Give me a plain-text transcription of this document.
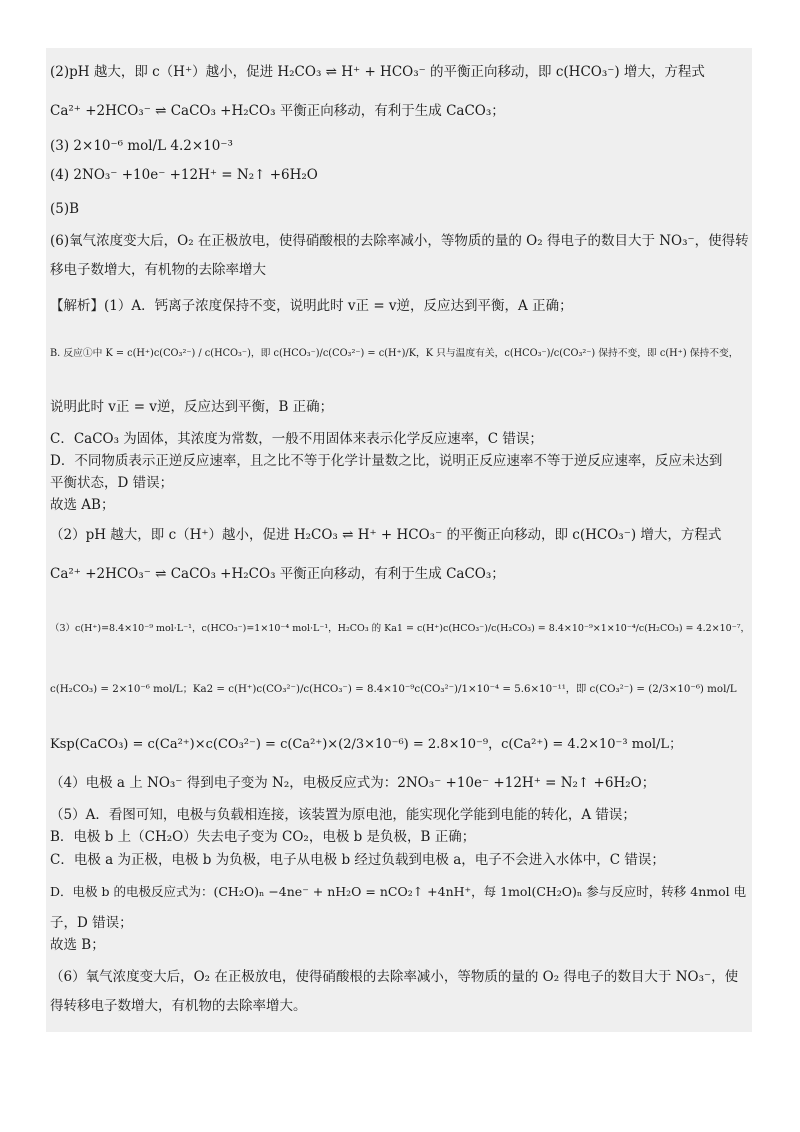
(2)pH 越大，即 c（H⁺）越小，促进 H₂CO₃ ⇌ H⁺ + HCO₃⁻ 的平衡正向移动，即 c(HCO₃⁻) 增大，方程式
Ca²⁺ +2HCO₃⁻ ⇌ CaCO₃ +H₂CO₃ 平衡正向移动，有利于生成 CaCO₃；
(3) 2×10⁻⁶ mol/L 4.2×10⁻³
(4) 2NO₃⁻ +10e⁻ +12H⁺ = N₂↑ +6H₂O
(5)B
(6)氧气浓度变大后，O₂ 在正极放电，使得硝酸根的去除率减小，等物质的量的 O₂ 得电子的数目大于 NO₃⁻，使得转
移电子数增大，有机物的去除率增大
【解析】(1）A．钙离子浓度保持不变，说明此时 v正 = v逆，反应达到平衡，A 正确；
B. 反应①中 K = c(H⁺)c(CO₃²⁻) / c(HCO₃⁻)，即 c(HCO₃⁻)/c(CO₃²⁻) = c(H⁺)/K，K 只与温度有关，c(HCO₃⁻)/c(CO₃²⁻) 保持不变，即 c(H⁺) 保持不变，
说明此时 v正 = v逆，反应达到平衡，B 正确；
C．CaCO₃ 为固体，其浓度为常数，一般不用固体来表示化学反应速率，C 错误；
D．不同物质表示正逆反应速率，且之比不等于化学计量数之比，说明正反应速率不等于逆反应速率，反应未达到
平衡状态，D 错误；
故选 AB；
（2）pH 越大，即 c（H⁺）越小，促进 H₂CO₃ ⇌ H⁺ + HCO₃⁻ 的平衡正向移动，即 c(HCO₃⁻) 增大，方程式
Ca²⁺ +2HCO₃⁻ ⇌ CaCO₃ +H₂CO₃ 平衡正向移动，有利于生成 CaCO₃；
（3）c(H⁺)=8.4×10⁻⁹ mol·L⁻¹，c(HCO₃⁻)=1×10⁻⁴ mol·L⁻¹，H₂CO₃ 的 Ka1 = c(H⁺)c(HCO₃⁻)/c(H₂CO₃) = 8.4×10⁻⁹×1×10⁻⁴/c(H₂CO₃) = 4.2×10⁻⁷，
c(H₂CO₃) = 2×10⁻⁶ mol/L；Ka2 = c(H⁺)c(CO₃²⁻)/c(HCO₃⁻) = 8.4×10⁻⁹c(CO₃²⁻)/1×10⁻⁴ = 5.6×10⁻¹¹，即 c(CO₃²⁻) = (2/3×10⁻⁶) mol/L
Ksp(CaCO₃) = c(Ca²⁺)×c(CO₃²⁻) = c(Ca²⁺)×(2/3×10⁻⁶) = 2.8×10⁻⁹，c(Ca²⁺) = 4.2×10⁻³ mol/L；
（4）电极 a 上 NO₃⁻ 得到电子变为 N₂，电极反应式为：2NO₃⁻ +10e⁻ +12H⁺ = N₂↑ +6H₂O；
（5）A．看图可知，电极与负载相连接，该装置为原电池，能实现化学能到电能的转化，A 错误；
B．电极 b 上（CH₂O）失去电子变为 CO₂，电极 b 是负极，B 正确；
C．电极 a 为正极，电极 b 为负极，电子从电极 b 经过负载到电极 a，电子不会进入水体中，C 错误；
D．电极 b 的电极反应式为：(CH₂O)ₙ −4ne⁻ + nH₂O = nCO₂↑ +4nH⁺，每 1mol(CH₂O)ₙ 参与反应时，转移 4nmol 电
子，D 错误；
故选 B；
（6）氧气浓度变大后，O₂ 在正极放电，使得硝酸根的去除率减小，等物质的量的 O₂ 得电子的数目大于 NO₃⁻，使
得转移电子数增大，有机物的去除率增大。
